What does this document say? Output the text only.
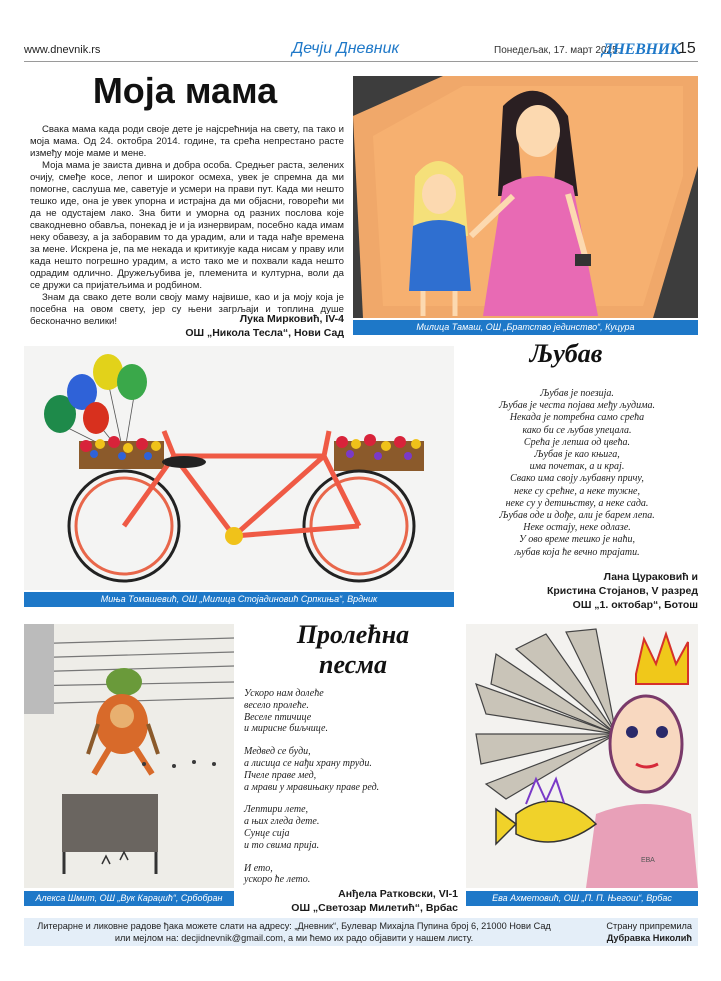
www.dnevnik.rs	Дечји Дневник	Понедељак, 17. март 2025.
ДНЕВНИК
15
Моја мама

Свака мама када роди своје дете је најсрећнија на свету, па тако и моја мама. Од 24. октобра 2014. године, та срећа непрестано расте између моје маме и мене.

Моја мама је заиста дивна и добра особа. Средњег раста, зелених очију, смеђе косе, лепог и широког осмеха, увек је спремна да ми помогне, саслуша ме, саветује и усмери на прави пут. Када ми нешто тешко иде, она је увек упорна и истрајна да ми објасни, говорећи ми да не одустајем лако. Зна бити и уморна од разних послова које свакодневно обавља, понекад је и ја изнервирам, посебно када имам неку обавезу, а ја заборавим то да урадим, али и тада нађе времена за мене. Искрена је, па ме некада и критикује када нисам у праву или када нешто погрешно урадим, а исто тако ме и похвали када нешто одрадим одлично. Дружељубива је, племенита и културна, воли да се дружи са пријатељима и родбином.

Знам да свако дете воли своју маму највише, као и ја моју која је посебна на овом свету, јер су њени загрљаји и топлина душе бесконачно велики!	Лука Мирковић, IV-4
ОШ „Никола Тесла“, Нови Сад	Милица Тамаш, ОШ „Братство јединство“, Куцура
Миња Томашевић, ОШ „Милица Стојадиновић Српкиња“, Врдник
Љубав
Љубав је поезија.
Љубав је честа појава међу људима.
Некада је потребна само срећа
како би се љубав упецала.
Срећа је лепша од цвећа.
Љубав је као књига,
има почетак, а и крај.
Свако има своју љубавну причу,
неке су срећне, а неке тужне,
неке су у детињству, а неке сада.
Љубав оде и дође, али је барем лепа.
Неке остају, неке одлазе.
У ово време тешко је наћи,
љубав која ће вечно трајати.
Лана Цураковић и
Кристина Стојанов, V разред
ОШ „1. октобар“, Ботош
Алекса Шмит, ОШ „Вук Караџић“, Србобран
Пролећна
песма
Ускоро нам долеће
весело пролеће.
Веселе птичице
и мирисне биљчице.
Медвед се буди,
а лисица се нађи храну труди.
Пчеле праве мед,
а мрави у мравињаку праве ред.
Лептири лете,
а њих гледа дете.
Сунце сија
и то свима прија.
И ето,
ускоро ће лето.
Анђела Ратковски, VI-1
ОШ „Светозар Милетић“, Врбас
ЕВА
Ева Ахметовић, ОШ „П. П. Његош“, Врбас
Литерарне и ликовне радове ђака можете слати на адресу: „Дневник“, Булевар Михајла Пупина број 6, 21000 Нови Сад
или мејлом на: decjidnevnik@gmail.com, а ми ћемо их радо објавити у нашем листу.
Страну припремила
Дубравка Николић
